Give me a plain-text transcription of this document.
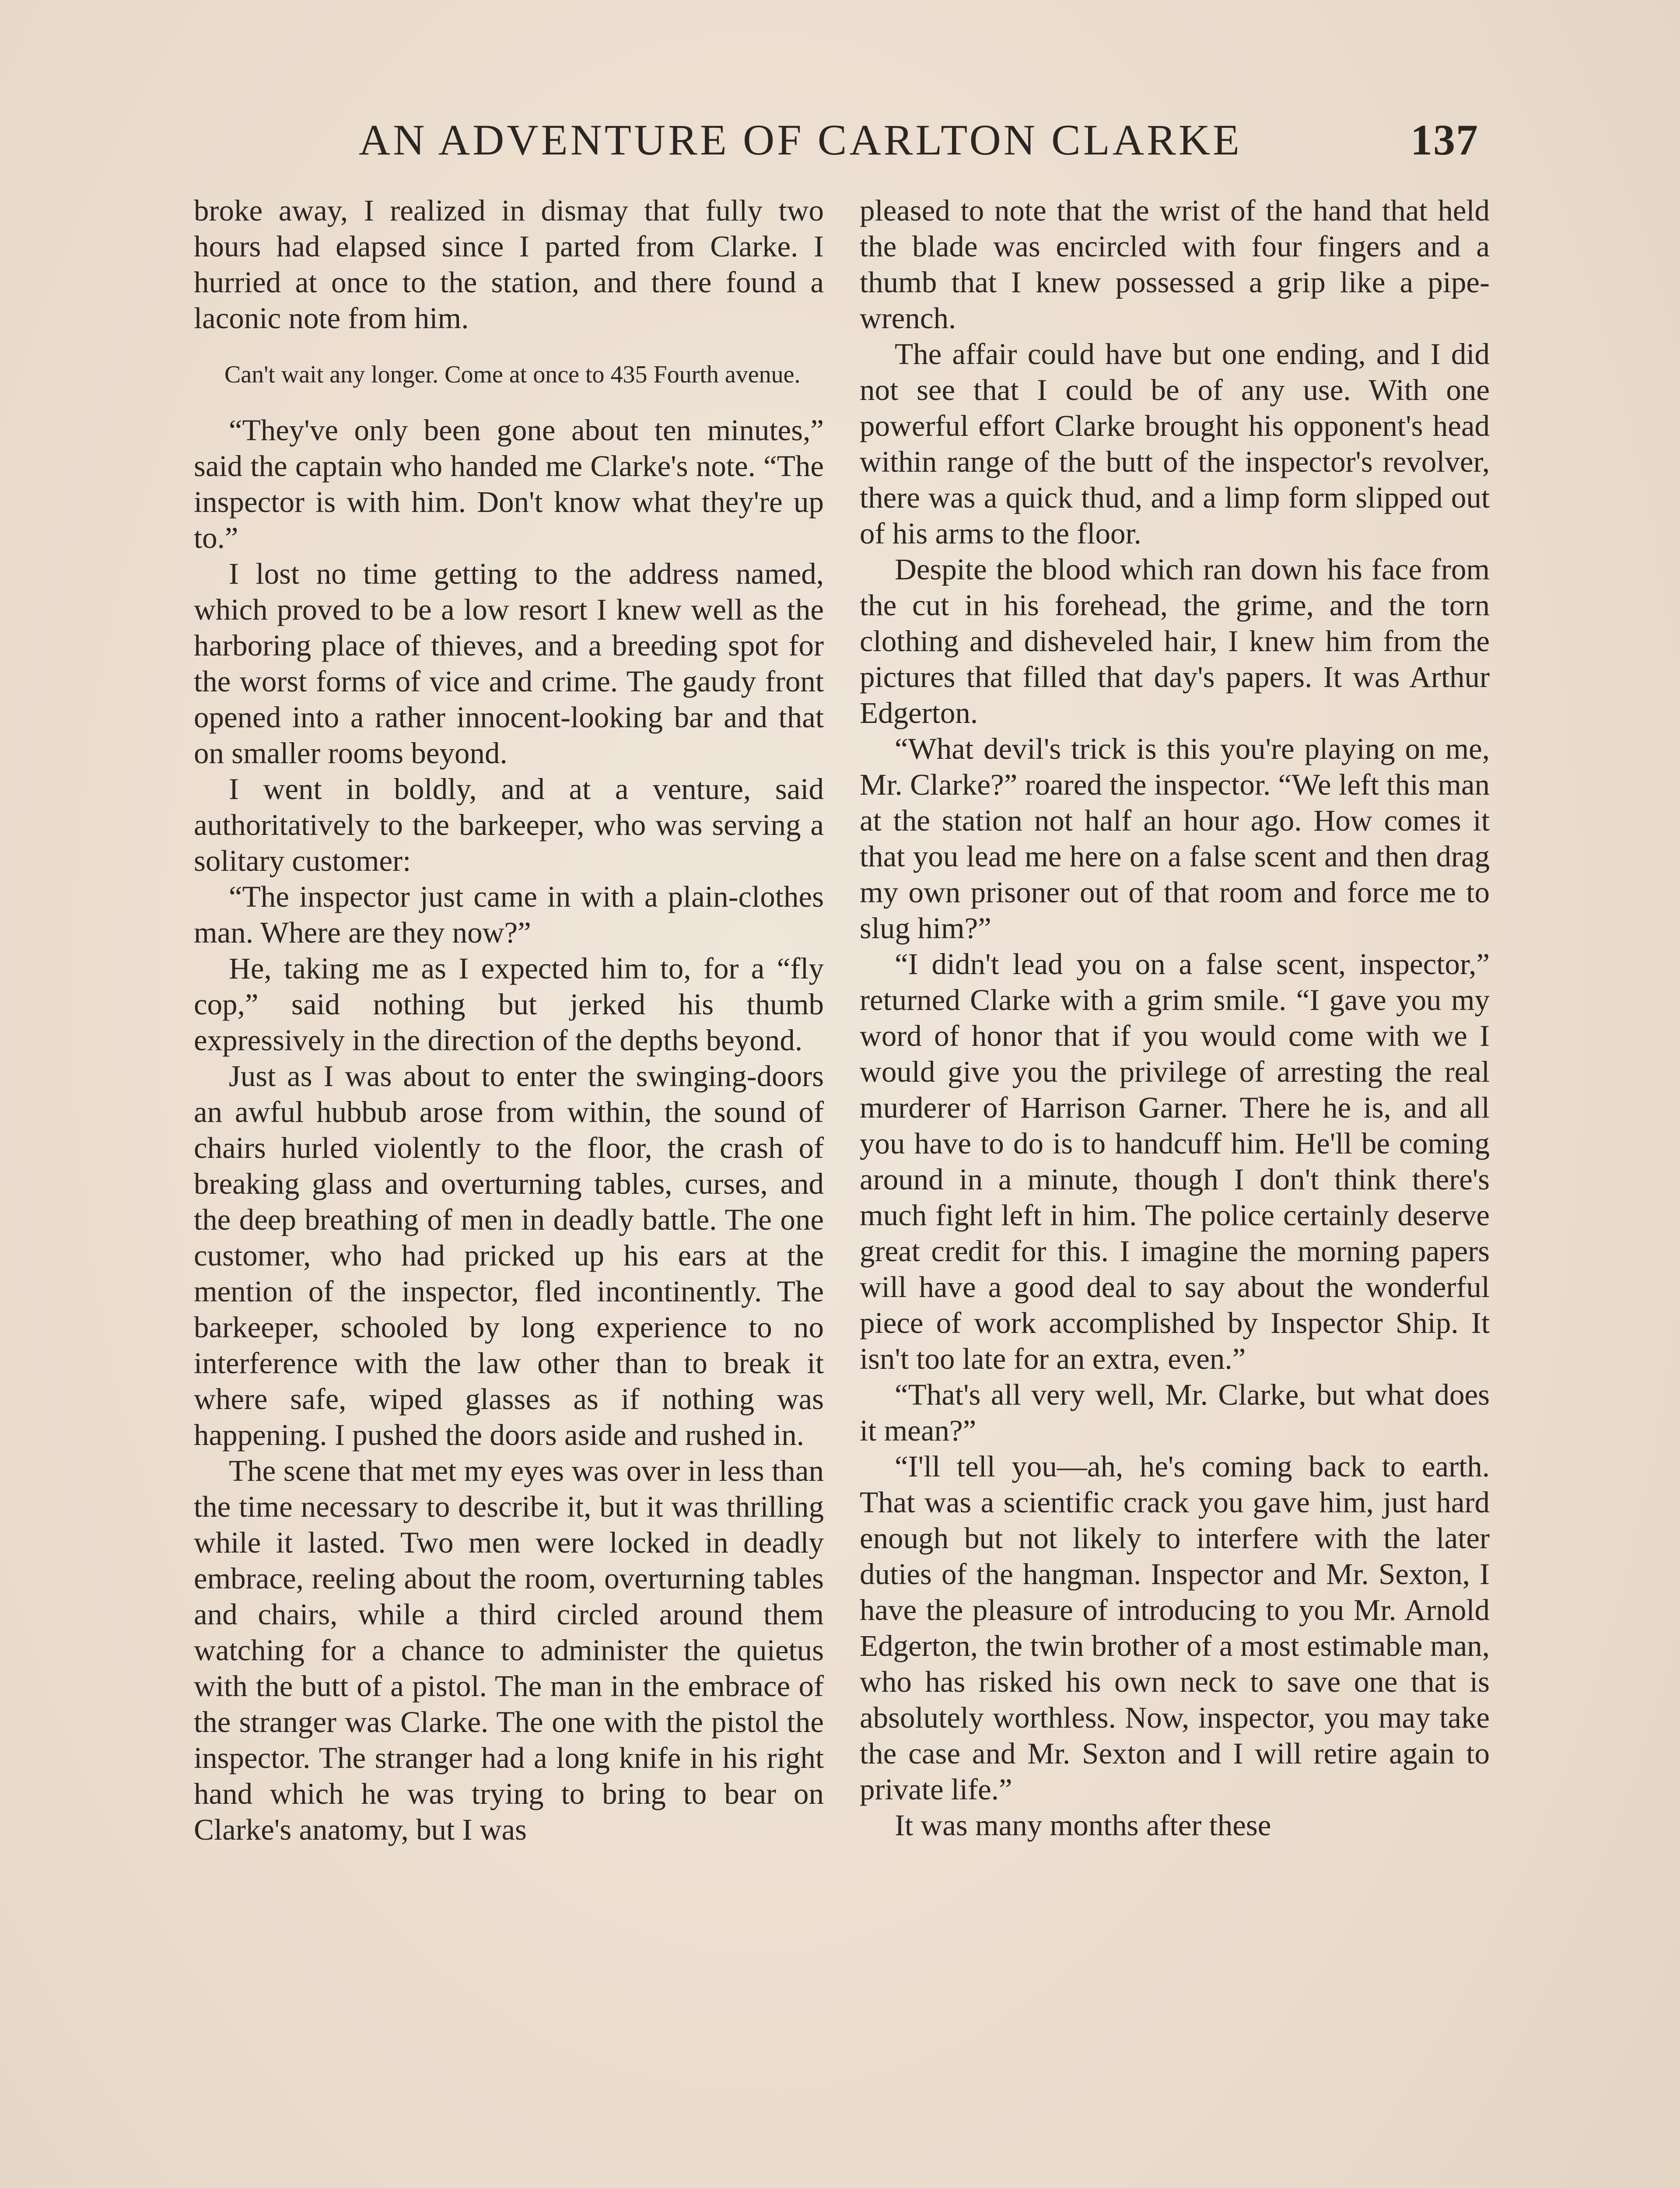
AN ADVENTURE OF CARLTON CLARKE	137

broke away, I realized in dismay that fully two hours had elapsed since I parted from Clarke. I hurried at once to the station, and there found a laconic note from him.

Can't wait any longer. Come at once to 435 Fourth avenue.

“They've only been gone about ten minutes,” said the captain who handed me Clarke's note. “The inspector is with him. Don't know what they're up to.”

I lost no time getting to the address named, which proved to be a low resort I knew well as the harboring place of thieves, and a breeding spot for the worst forms of vice and crime. The gaudy front opened into a rather innocent-looking bar and that on smaller rooms beyond.

I went in boldly, and at a venture, said authoritatively to the barkeeper, who was serving a solitary customer:

“The inspector just came in with a plain-clothes man. Where are they now?”

He, taking me as I expected him to, for a “fly cop,” said nothing but jerked his thumb expressively in the direction of the depths beyond.

Just as I was about to enter the swinging-doors an awful hubbub arose from within, the sound of chairs hurled violently to the floor, the crash of breaking glass and overturning tables, curses, and the deep breathing of men in deadly battle. The one customer, who had pricked up his ears at the mention of the inspector, fled incontinently. The barkeeper, schooled by long experience to no interference with the law other than to break it where safe, wiped glasses as if nothing was happening. I pushed the doors aside and rushed in.

The scene that met my eyes was over in less than the time necessary to describe it, but it was thrilling while it lasted. Two men were locked in deadly embrace, reeling about the room, overturning tables and chairs, while a third circled around them watching for a chance to administer the quietus with the butt of a pistol. The man in the embrace of the stranger was Clarke. The one with the pistol the inspector. The stranger had a long knife in his right hand which he was trying to bring to bear on Clarke's anatomy, but I was

pleased to note that the wrist of the hand that held the blade was encircled with four fingers and a thumb that I knew possessed a grip like a pipe-wrench.

The affair could have but one ending, and I did not see that I could be of any use. With one powerful effort Clarke brought his opponent's head within range of the butt of the inspector's revolver, there was a quick thud, and a limp form slipped out of his arms to the floor.

Despite the blood which ran down his face from the cut in his forehead, the grime, and the torn clothing and disheveled hair, I knew him from the pictures that filled that day's papers. It was Arthur Edgerton.

“What devil's trick is this you're playing on me, Mr. Clarke?” roared the inspector. “We left this man at the station not half an hour ago. How comes it that you lead me here on a false scent and then drag my own prisoner out of that room and force me to slug him?”

“I didn't lead you on a false scent, inspector,” returned Clarke with a grim smile. “I gave you my word of honor that if you would come with we I would give you the privilege of arresting the real murderer of Harrison Garner. There he is, and all you have to do is to handcuff him. He'll be coming around in a minute, though I don't think there's much fight left in him. The police certainly deserve great credit for this. I imagine the morning papers will have a good deal to say about the wonderful piece of work accomplished by Inspector Ship. It isn't too late for an extra, even.”

“That's all very well, Mr. Clarke, but what does it mean?”

“I'll tell you—ah, he's coming back to earth. That was a scientific crack you gave him, just hard enough but not likely to interfere with the later duties of the hangman. Inspector and Mr. Sexton, I have the pleasure of introducing to you Mr. Arnold Edgerton, the twin brother of a most estimable man, who has risked his own neck to save one that is absolutely worthless. Now, inspector, you may take the case and Mr. Sexton and I will retire again to private life.”

It was many months after these
